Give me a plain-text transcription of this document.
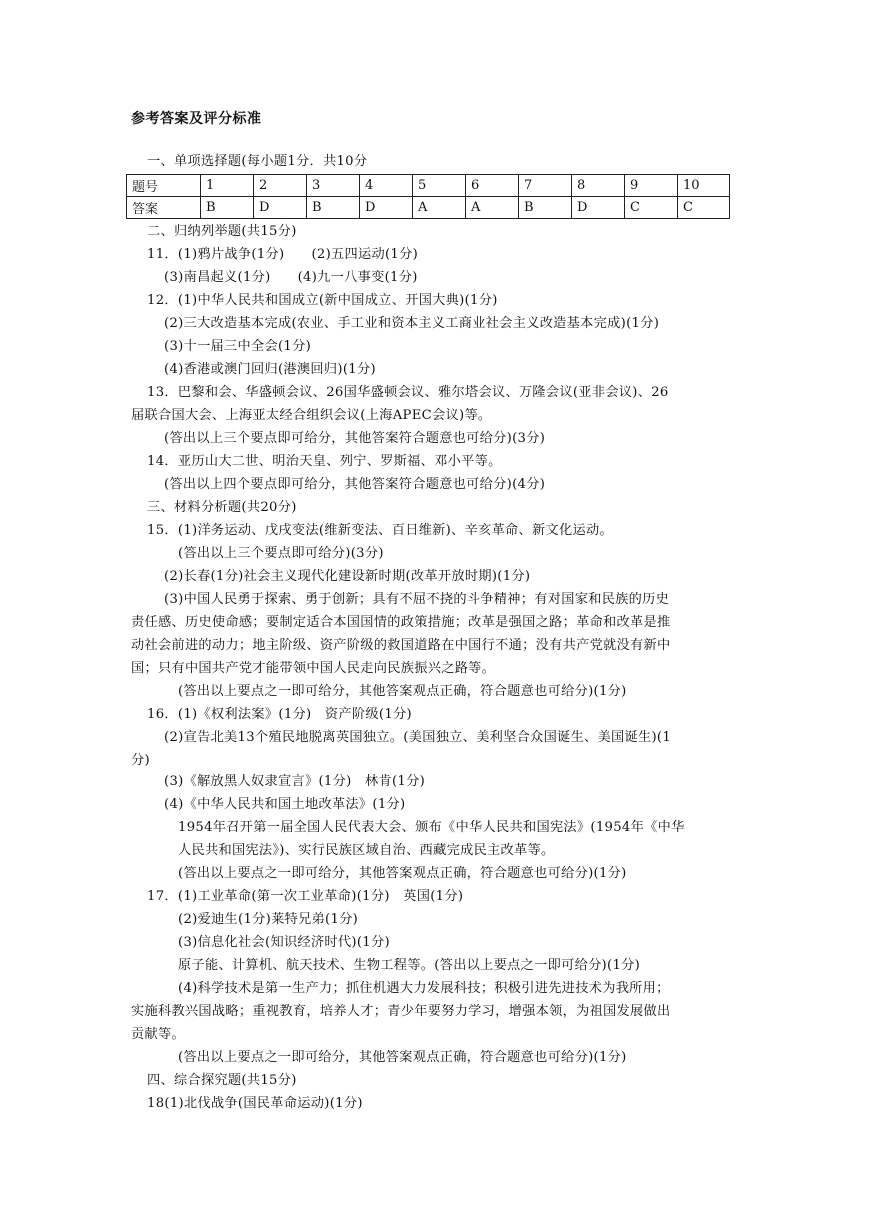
参考答案及评分标准
一、单项选择题(每小题1分．共10分
题号	1	2	3	4	5	6	7	8	9	10
答案	B	D	B	D	A	A	B	D	C	C
二、归纳列举题(共15分)
11．(1)鸦片战争(1分)　　(2)五四运动(1分)
(3)南昌起义(1分)　　(4)九一八事变(1分)
12．(1)中华人民共和国成立(新中国成立、开国大典)(1分)
(2)三大改造基本完成(农业、手工业和资本主义工商业社会主义改造基本完成)(1分)
(3)十一届三中全会(1分)
(4)香港或澳门回归(港澳回归)(1分)
13．巴黎和会、华盛顿会议、26国华盛顿会议、雅尔塔会议、万隆会议(亚非会议)、26
届联合国大会、上海亚太经合组织会议(上海APEC会议)等。
(答出以上三个要点即可给分，其他答案符合题意也可给分)(3分)
14．亚历山大二世、明治天皇、列宁、罗斯福、邓小平等。
(答出以上四个要点即可给分，其他答案符合题意也可给分)(4分)
三、材料分析题(共20分)
15．(1)洋务运动、戊戌变法(维新变法、百日维新)、辛亥革命、新文化运动。
(答出以上三个要点即可给分)(3分)
(2)长春(1分)社会主义现代化建设新时期(改革开放时期)(1分)
(3)中国人民勇于探索、勇于创新；具有不屈不挠的斗争精神；有对国家和民族的历史
责任感、历史使命感；要制定适合本国国情的政策措施；改革是强国之路；革命和改革是推
动社会前进的动力；地主阶级、资产阶级的救国道路在中国行不通；没有共产党就没有新中
国；只有中国共产党才能带领中国人民走向民族振兴之路等。
(答出以上要点之一即可给分，其他答案观点正确，符合题意也可给分)(1分)
16．(1)《权利法案》(1分)　资产阶级(1分)
(2)宣告北美13个殖民地脱离英国独立。(美国独立、美利坚合众国诞生、美国诞生)(1
分)
(3)《解放黑人奴隶宣言》(1分)　林肯(1分)
(4)《中华人民共和国土地改革法》(1分)
1954年召开第一届全国人民代表大会、颁布《中华人民共和国宪法》(1954年《中华
人民共和国宪法》)、实行民族区域自治、西藏完成民主改革等。
(答出以上要点之一即可给分，其他答案观点正确，符合题意也可给分)(1分)
17．(1)工业革命(第一次工业革命)(1分)　英国(1分)
(2)爱迪生(1分)莱特兄弟(1分)
(3)信息化社会(知识经济时代)(1分)
原子能、计算机、航天技术、生物工程等。(答出以上要点之一即可给分)(1分)
(4)科学技术是第一生产力；抓住机遇大力发展科技；积极引进先进技术为我所用；
实施科教兴国战略；重视教育，培养人才；青少年要努力学习，增强本领，为祖国发展做出
贡献等。
(答出以上要点之一即可给分，其他答案观点正确，符合题意也可给分)(1分)
四、综合探究题(共15分)
18(1)北伐战争(国民革命运动)(1分)
